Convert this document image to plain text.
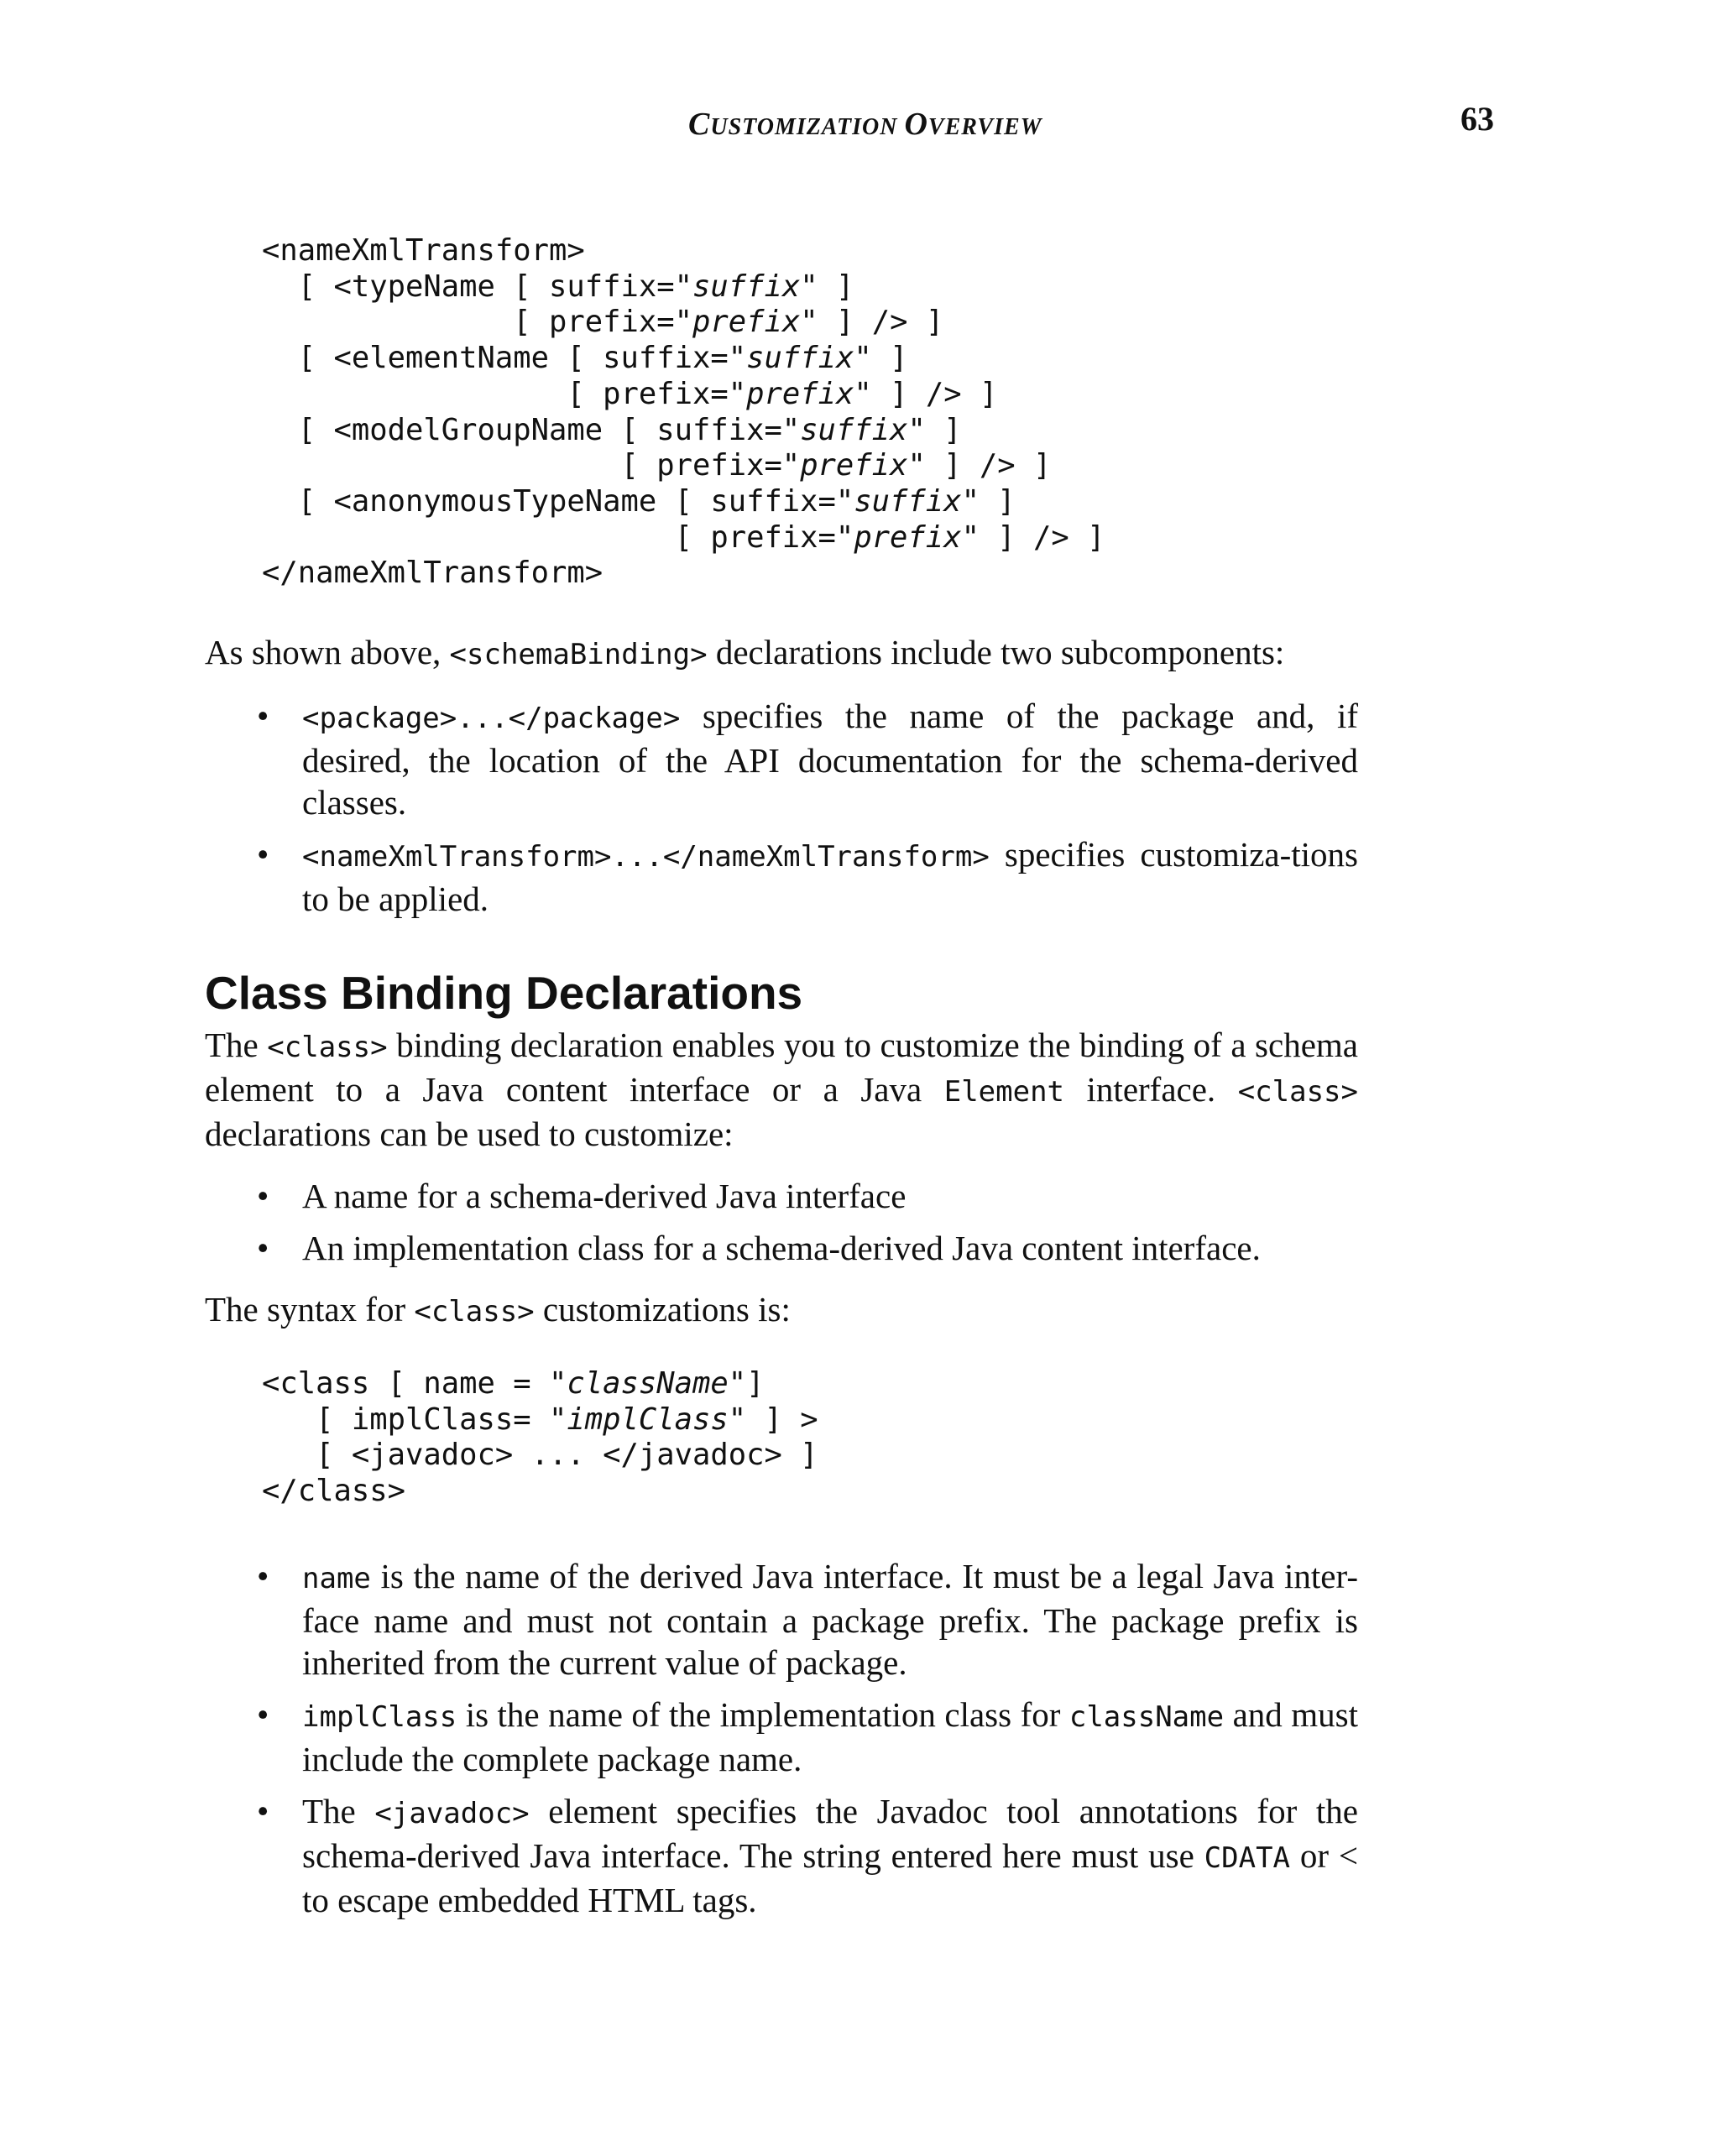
CUSTOMIZATION OVERVIEW	63
<nameXmlTransform>
[ <typeName [ suffix="suffix" ]
[ prefix="prefix" ] /> ]
[ <elementName [ suffix="suffix" ]
[ prefix="prefix" ] /> ]
[ <modelGroupName [ suffix="suffix" ]
[ prefix="prefix" ] /> ]
[ <anonymousTypeName [ suffix="suffix" ]
[ prefix="prefix" ] /> ]
</nameXmlTransform>

As shown above, <schemaBinding> declarations include two subcomponents:

• <package>...</package> specifies the name of the package and, if desired, the location of the API documentation for the schema-derived classes.
• <nameXmlTransform>...</nameXmlTransform> specifies customiza-tions to be applied.
Class Binding Declarations

The <class> binding declaration enables you to customize the binding of a schema element to a Java content interface or a Java Element interface. <class> declarations can be used to customize:

• A name for a schema-derived Java interface
• An implementation class for a schema-derived Java content interface.

The syntax for <class> customizations is:

<class [ name = "className"]
[ implClass= "implClass" ] >
[ <javadoc> ... </javadoc> ]
</class>
• name is the name of the derived Java interface. It must be a legal Java inter-face name and must not contain a package prefix. The package prefix is inherited from the current value of package.
• implClass is the name of the implementation class for className and must include the complete package name.
• The <javadoc> element specifies the Javadoc tool annotations for the schema-derived Java interface. The string entered here must use CDATA or < to escape embedded HTML tags.
